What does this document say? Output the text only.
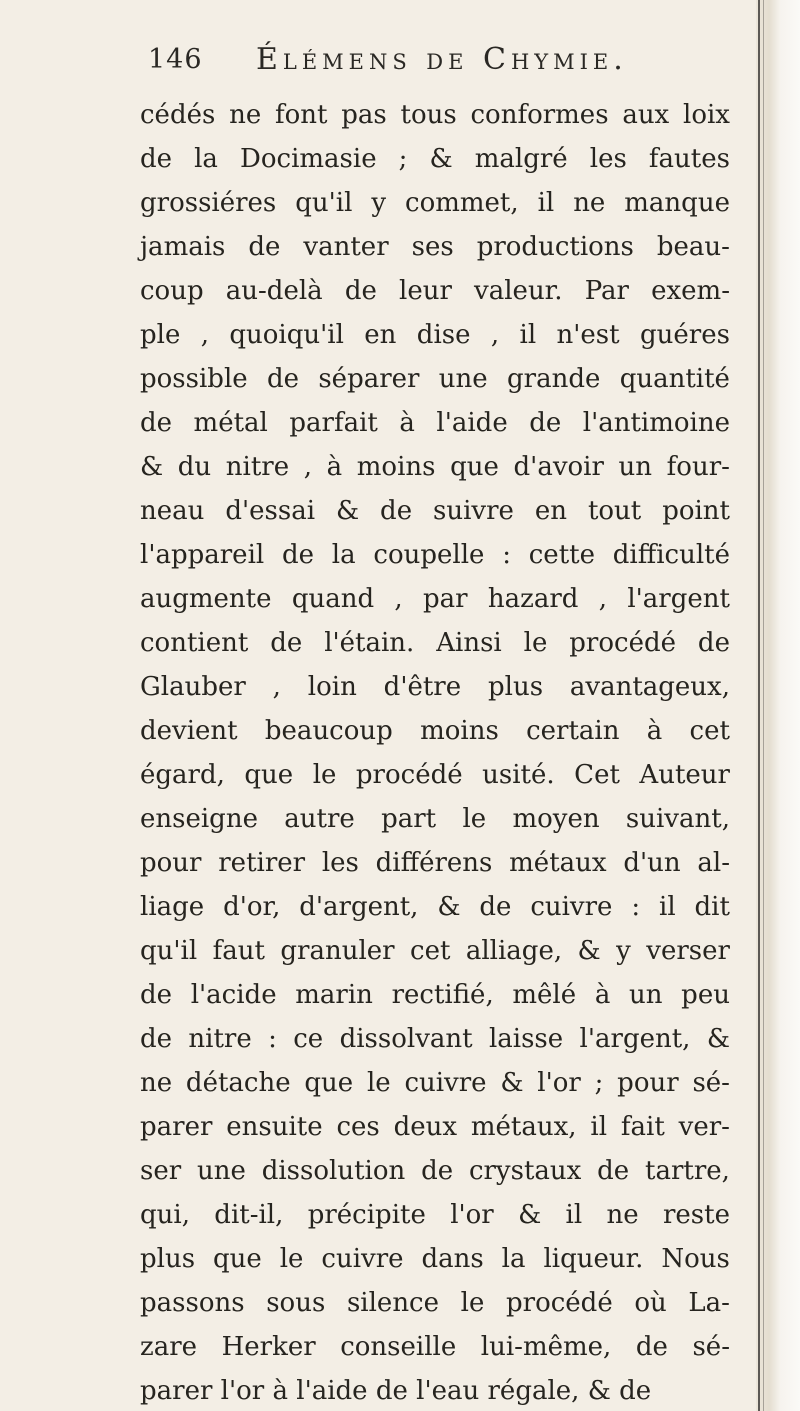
146 Élémens de Chymie.
cédés ne font pas tous conformes aux loix
de la Docimasie ; & malgré les fautes
grossiéres qu'il y commet, il ne manque
jamais de vanter ses productions beau-
coup au-delà de leur valeur. Par exem-
ple , quoiqu'il en dise , il n'est guéres
possible de séparer une grande quantité
de métal parfait à l'aide de l'antimoine
& du nitre , à moins que d'avoir un four-
neau d'essai & de suivre en tout point
l'appareil de la coupelle : cette difficulté
augmente quand , par hazard , l'argent
contient de l'étain. Ainsi le procédé de
Glauber , loin d'être plus avantageux,
devient beaucoup moins certain à cet
égard, que le procédé usité. Cet Auteur
enseigne autre part le moyen suivant,
pour retirer les différens métaux d'un al-
liage d'or, d'argent, & de cuivre : il dit
qu'il faut granuler cet alliage, & y verser
de l'acide marin rectifié, mêlé à un peu
de nitre : ce dissolvant laisse l'argent, &
ne détache que le cuivre & l'or ; pour sé-
parer ensuite ces deux métaux, il fait ver-
ser une dissolution de crystaux de tartre,
qui, dit-il, précipite l'or & il ne reste
plus que le cuivre dans la liqueur. Nous
passons sous silence le procédé où La-
zare Herker conseille lui-même, de sé-
parer
l'or
à
l'aide
de
l'eau
régale,
&
de
